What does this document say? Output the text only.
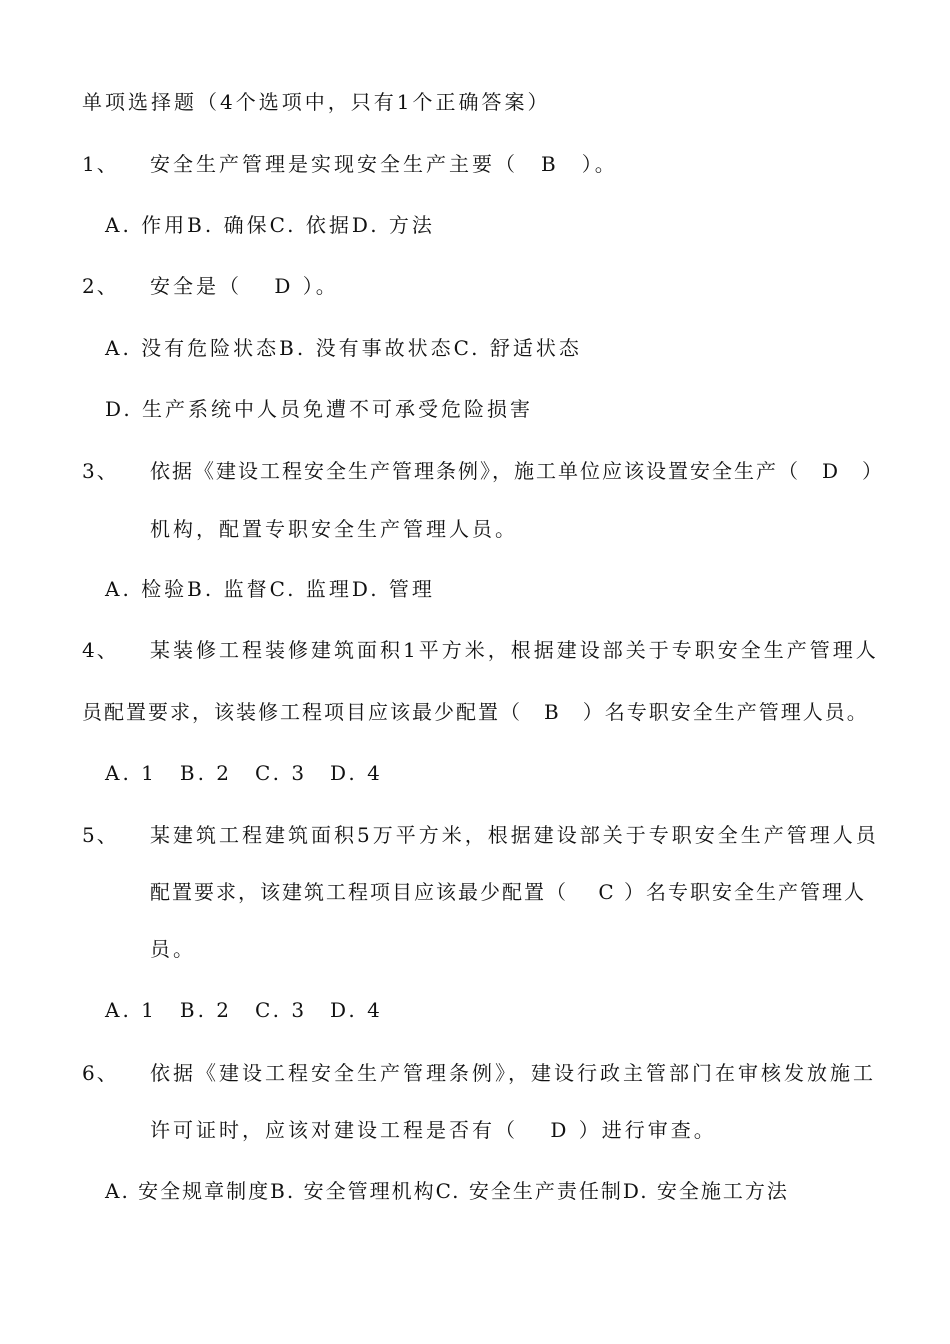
单项选择题（4个选项中，只有1个正确答案）
1、 安全生产管理是实现安全生产主要（　B　）。
A. 作用B. 确保C. 依据D. 方法
2、 安全是（　 D ）。
A. 没有危险状态B. 没有事故状态C. 舒适状态
D. 生产系统中人员免遭不可承受危险损害
3、 依据《建设工程安全生产管理条例》，施工单位应该设置安全生产（　D　）
机构，配置专职安全生产管理人员。
A. 检验B. 监督C. 监理D. 管理
4、 某装修工程装修建筑面积1平方米，根据建设部关于专职安全生产管理人
员配置要求，该装修工程项目应该最少配置（　B　）名专职安全生产管理人员。
A. 1　B. 2　C. 3　D. 4
5、 某建筑工程建筑面积5万平方米，根据建设部关于专职安全生产管理人员
配置要求，该建筑工程项目应该最少配置（　 C ）名专职安全生产管理人
员。
A. 1　B. 2　C. 3　D. 4
6、 依据《建设工程安全生产管理条例》，建设行政主管部门在审核发放施工
许可证时，应该对建设工程是否有（　 D ）进行审查。
A. 安全规章制度B. 安全管理机构C. 安全生产责任制D. 安全施工方法
